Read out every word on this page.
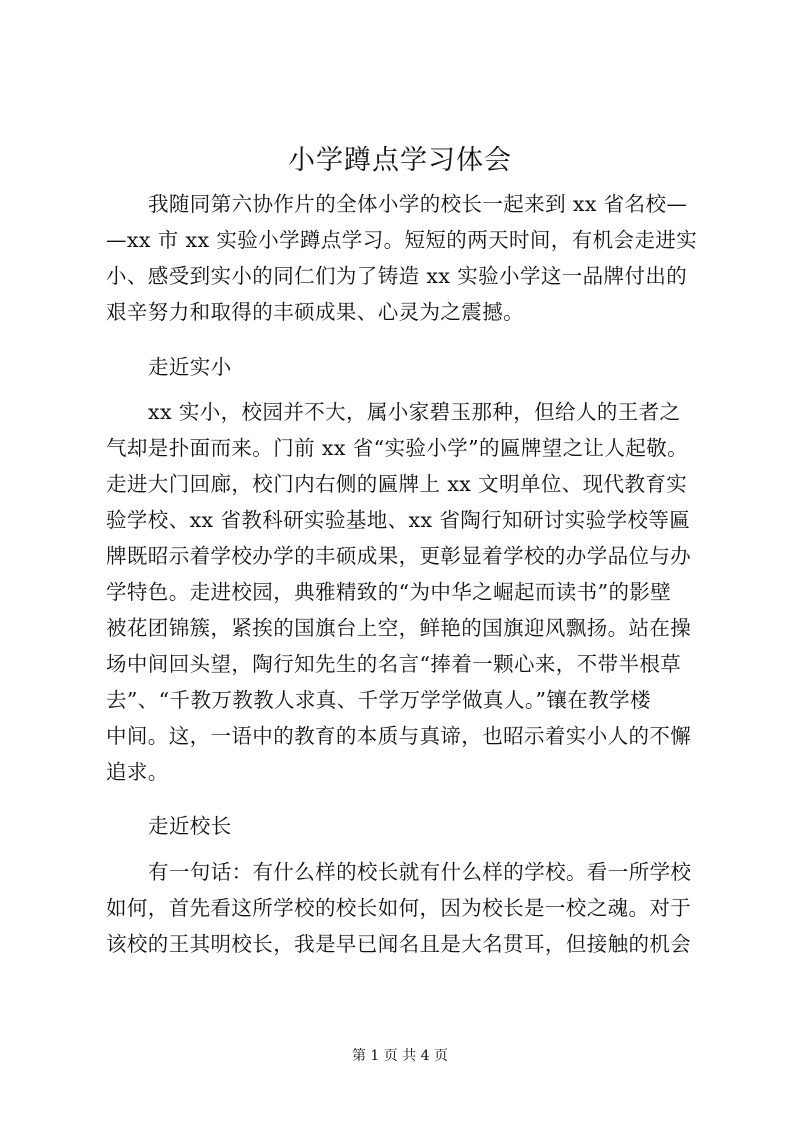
小学蹲点学习体会
我随同第六协作片的全体小学的校长一起来到 xx 省名校—
—xx 市 xx 实验小学蹲点学习。短短的两天时间，有机会走进实
小、感受到实小的同仁们为了铸造 xx 实验小学这一品牌付出的
艰辛努力和取得的丰硕成果、心灵为之震撼。
走近实小
xx 实小，校园并不大，属小家碧玉那种，但给人的王者之
气却是扑面而来。门前 xx 省“实验小学”的匾牌望之让人起敬。
走进大门回廊，校门内右侧的匾牌上 xx 文明单位、现代教育实
验学校、xx 省教科研实验基地、xx 省陶行知研讨实验学校等匾
牌既昭示着学校办学的丰硕成果，更彰显着学校的办学品位与办
学特色。走进校园，典雅精致的“为中华之崛起而读书”的影壁
被花团锦簇，紧挨的国旗台上空，鲜艳的国旗迎风飘扬。站在操
场中间回头望，陶行知先生的名言“捧着一颗心来，不带半根草
去”、“千教万教教人求真、千学万学学做真人。”镶在教学楼
中间。这，一语中的教育的本质与真谛，也昭示着实小人的不懈
追求。
走近校长
有一句话：有什么样的校长就有什么样的学校。看一所学校
如何，首先看这所学校的校长如何，因为校长是一校之魂。对于
该校的王其明校长，我是早已闻名且是大名贯耳，但接触的机会
第 1 页 共 4 页
